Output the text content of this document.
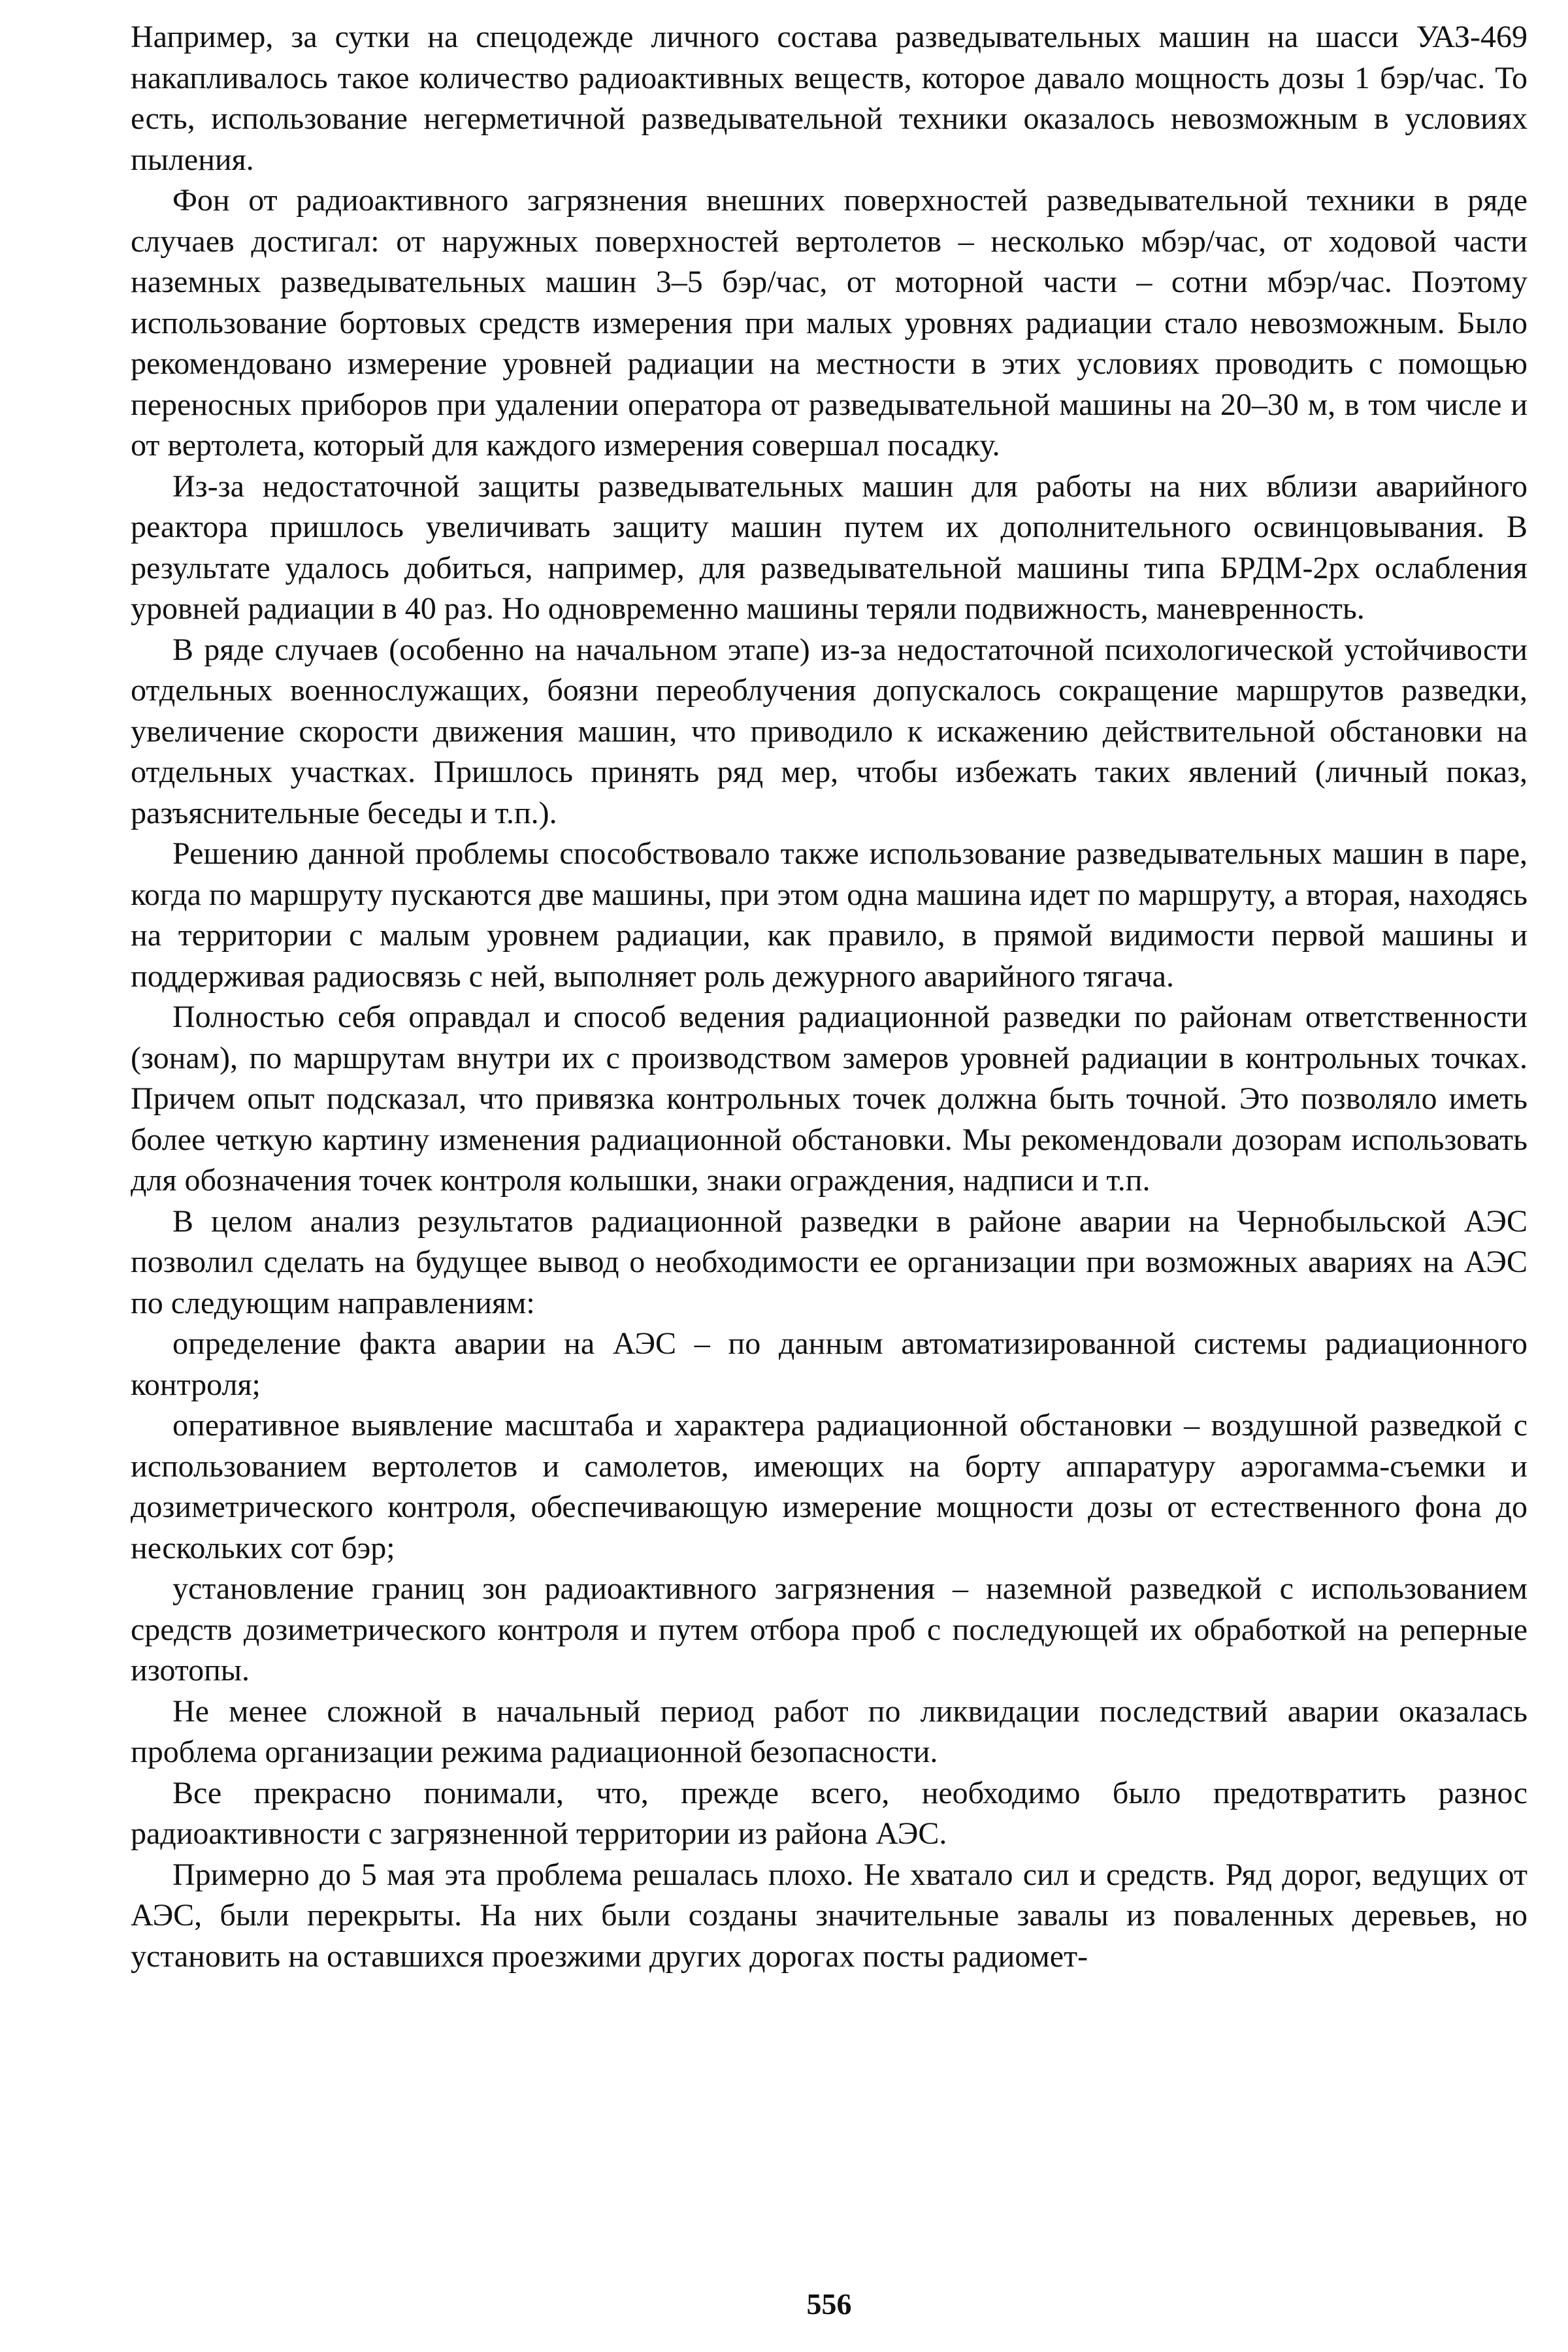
Например, за сутки на спецодежде личного состава разведывательных машин на шасси УАЗ-469 накапливалось такое количество радиоактивных веществ, которое давало мощность дозы 1 бэр/час. То есть, использование негерметичной разведывательной техники оказалось невозможным в условиях пыления.

Фон от радиоактивного загрязнения внешних поверхностей разведывательной техники в ряде случаев достигал: от наружных поверхностей вертолетов – несколько мбэр/час, от ходовой части наземных разведывательных машин 3–5 бэр/час, от моторной части – сотни мбэр/час. Поэтому использование бортовых средств измерения при малых уровнях радиации стало невозможным. Было рекомендовано измерение уровней радиации на местности в этих условиях проводить с помощью переносных приборов при удалении оператора от разведывательной машины на 20–30 м, в том числе и от вертолета, который для каждого измерения совершал посадку.

Из-за недостаточной защиты разведывательных машин для работы на них вблизи аварийного реактора пришлось увеличивать защиту машин путем их дополнительного освинцовывания. В результате удалось добиться, например, для разведывательной машины типа БРДМ-2рх ослабления уровней радиации в 40 раз. Но одновременно машины теряли подвижность, маневренность.

В ряде случаев (особенно на начальном этапе) из-за недостаточной психологической устойчивости отдельных военнослужащих, боязни переоблучения допускалось сокращение маршрутов разведки, увеличение скорости движения машин, что приводило к искажению действительной обстановки на отдельных участках. Пришлось принять ряд мер, чтобы избежать таких явлений (личный показ, разъяснительные беседы и т.п.).

Решению данной проблемы способствовало также использование разведывательных машин в паре, когда по маршруту пускаются две машины, при этом одна машина идет по маршруту, а вторая, находясь на территории с малым уровнем радиации, как правило, в прямой видимости первой машины и поддерживая радиосвязь с ней, выполняет роль дежурного аварийного тягача.

Полностью себя оправдал и способ ведения радиационной разведки по районам ответственности (зонам), по маршрутам внутри их с производством замеров уровней радиации в контрольных точках. Причем опыт подсказал, что привязка контрольных точек должна быть точной. Это позволяло иметь более четкую картину изменения радиационной обстановки. Мы рекомендовали дозорам использовать для обозначения точек контроля колышки, знаки ограждения, надписи и т.п.

В целом анализ результатов радиационной разведки в районе аварии на Чернобыльской АЭС позволил сделать на будущее вывод о необходимости ее организации при возможных авариях на АЭС по следующим направлениям:

определение факта аварии на АЭС – по данным автоматизированной системы радиационного контроля;

оперативное выявление масштаба и характера радиационной обстановки – воздушной разведкой с использованием вертолетов и самолетов, имеющих на борту аппаратуру аэрогамма-съемки и дозиметрического контроля, обеспечивающую измерение мощности дозы от естественного фона до нескольких сот бэр;

установление границ зон радиоактивного загрязнения – наземной разведкой с использованием средств дозиметрического контроля и путем отбора проб с последующей их обработкой на реперные изотопы.

Не менее сложной в начальный период работ по ликвидации последствий аварии оказалась проблема организации режима радиационной безопасности.

Все прекрасно понимали, что, прежде всего, необходимо было предотвратить разнос радиоактивности с загрязненной территории из района АЭС.

Примерно до 5 мая эта проблема решалась плохо. Не хватало сил и средств. Ряд дорог, ведущих от АЭС, были перекрыты. На них были созданы значительные завалы из поваленных деревьев, но установить на оставшихся проезжими других дорогах посты радиомет-

556
